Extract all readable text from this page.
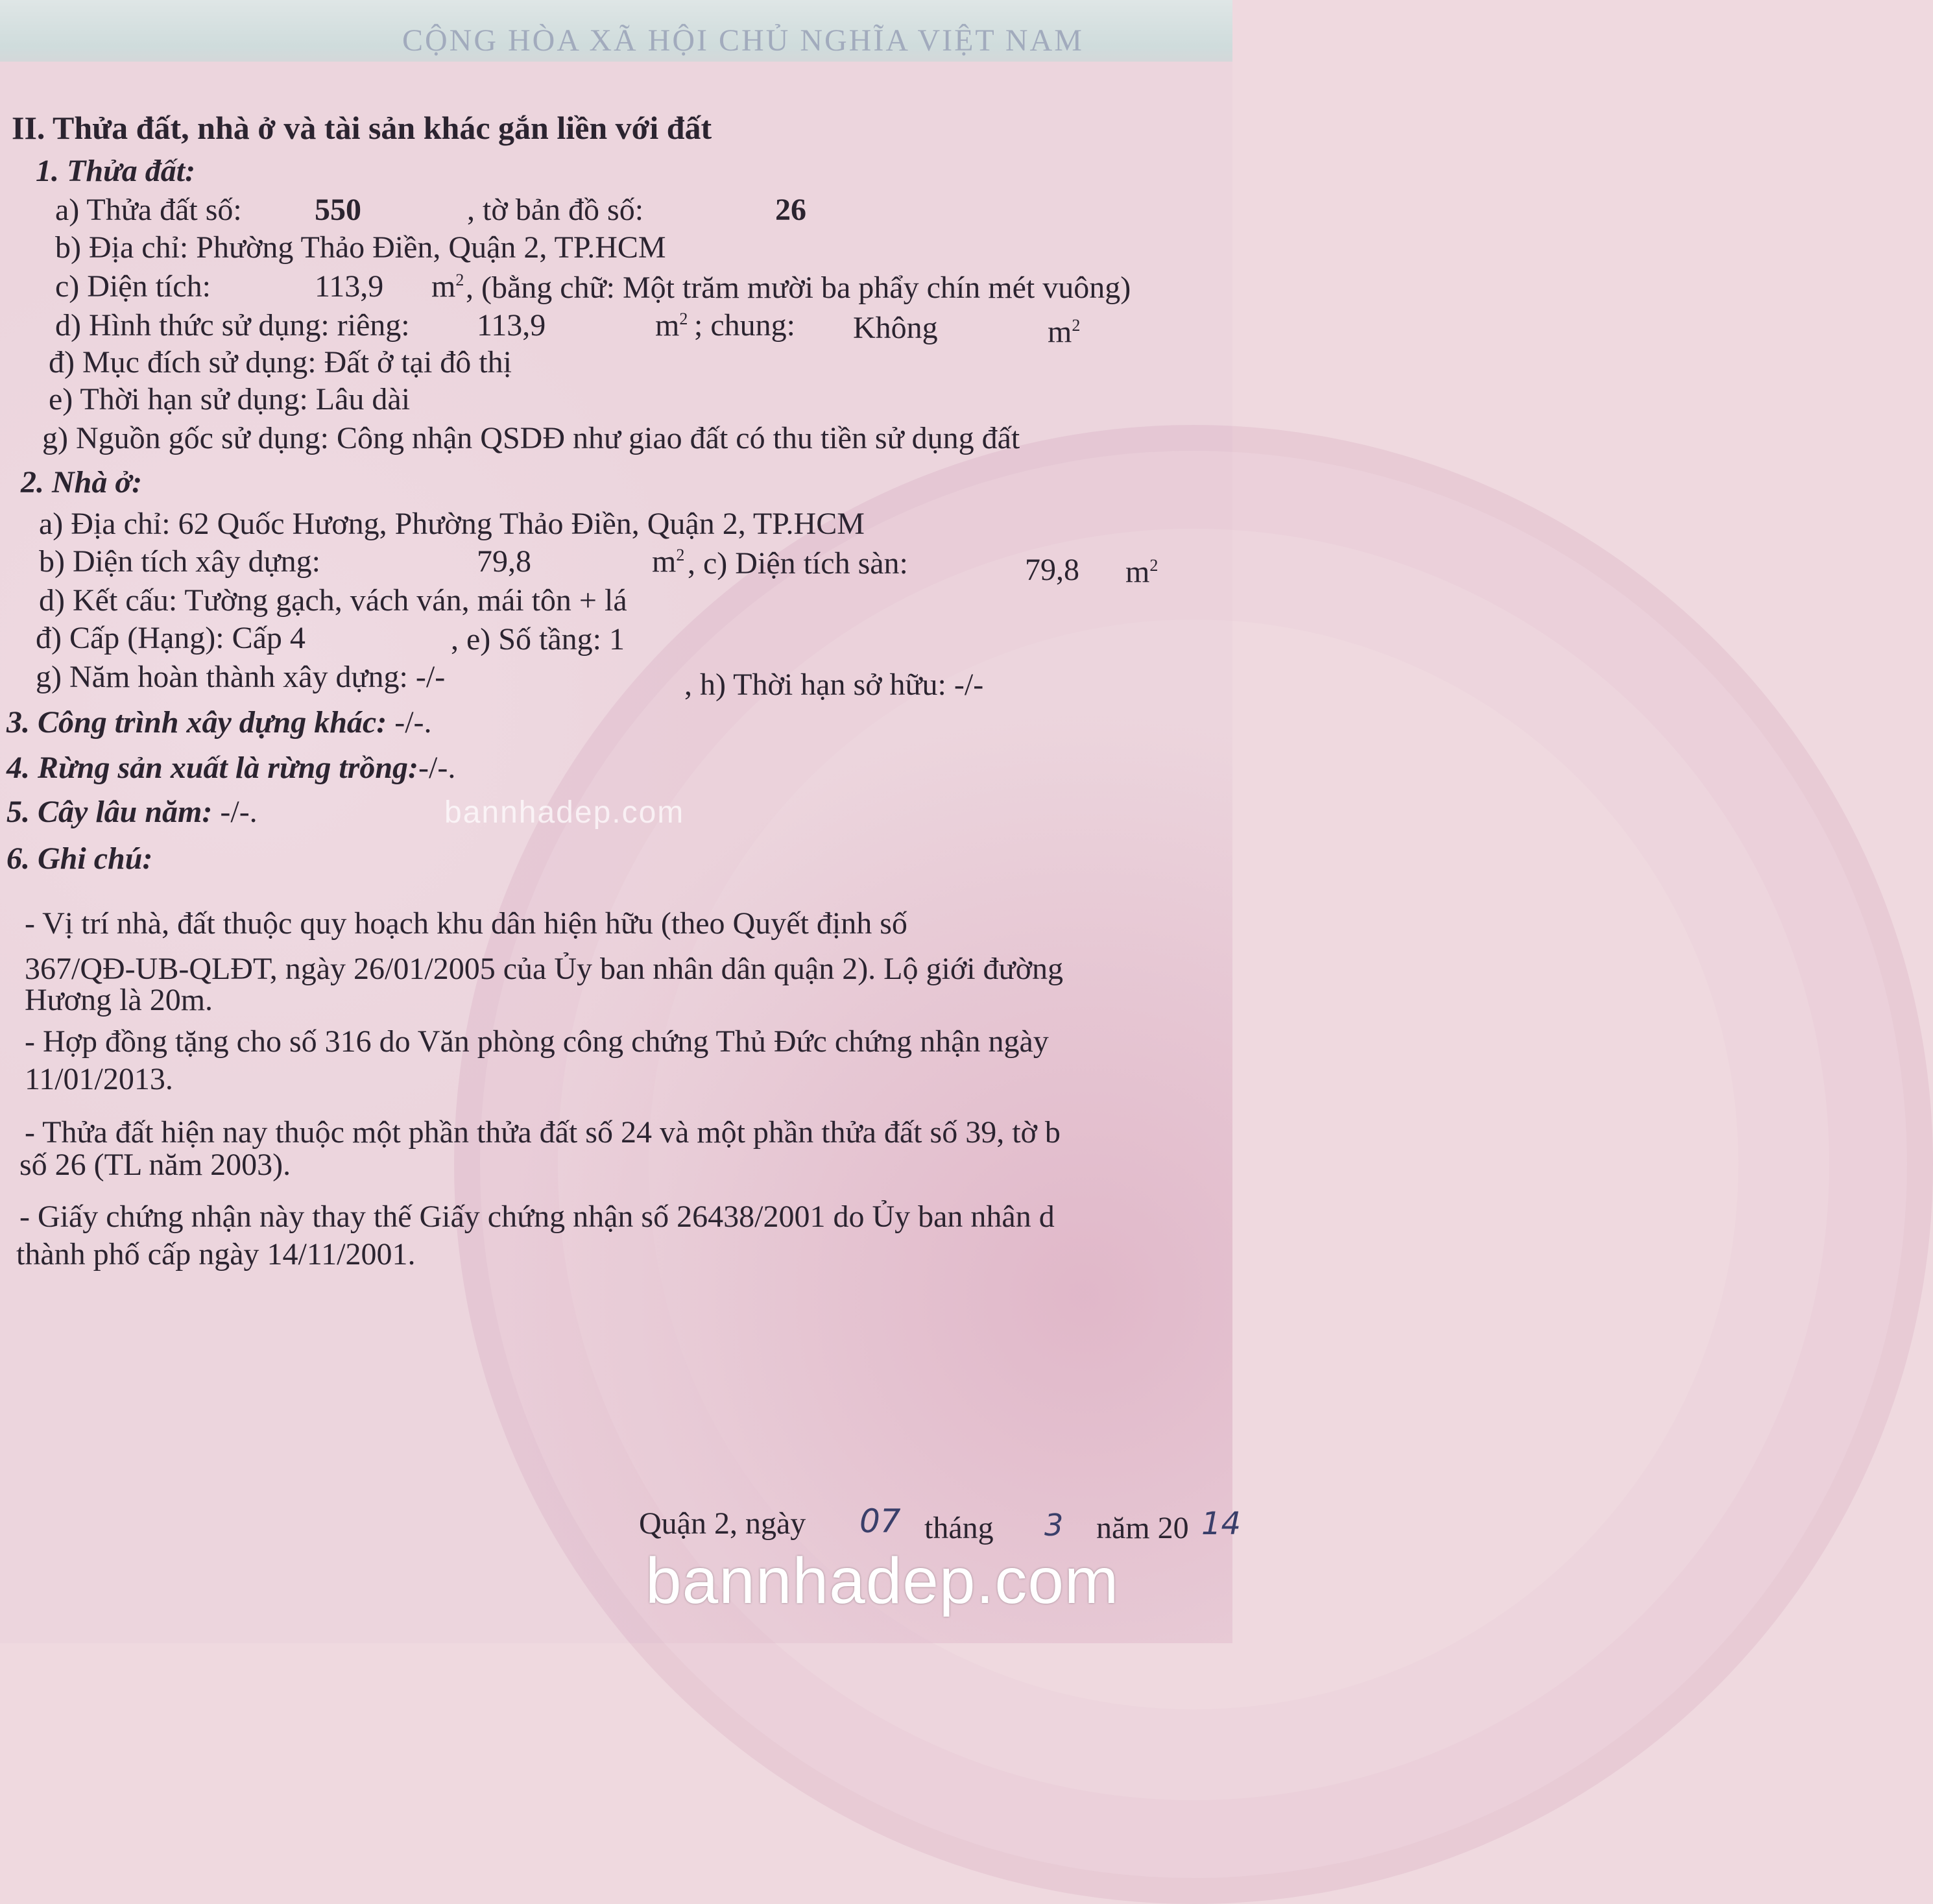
CỘNG HÒA XÃ HỘI CHỦ NGHĨA VIỆT NAM
II. Thửa đất, nhà ở và tài sản khác gắn liền với đất
1. Thửa đất:
a) Thửa đất số: 550	, tờ bản đồ số:	26
b) Địa chỉ: Phường Thảo Điền, Quận 2, TP.HCM
c) Diện tích:	113,9 $m^2$ , (bằng chữ: Một trăm mười ba phẩy chín mét vuông)
d) Hình thức sử dụng: riêng: 113,9	$m^2$ ; chung: Không	$m^2$
đ) Mục đích sử dụng: Đất ở tại đô thị
e) Thời hạn sử dụng: Lâu dài
g) Nguồn gốc sử dụng: Công nhận QSDĐ như giao đất có thu tiền sử dụng đất
2. Nhà ở:
a) Địa chỉ: 62 Quốc Hương, Phường Thảo Điền, Quận 2, TP.HCM
b) Diện tích xây dựng:	79,8	$m^2$ , c) Diện tích sàn:	79,8 $m^2$
d) Kết cấu: Tường gạch, vách ván, mái tôn + lá
đ) Cấp (Hạng): Cấp 4	, e) Số tầng: 1
g) Năm hoàn thành xây dựng: -/-	, h) Thời hạn sở hữu: -/-
3. Công trình xây dựng khác: -/-.
4. Rừng sản xuất là rừng trồng:-/-.
5. Cây lâu năm: -/-.
6. Ghi chú:
- Vị trí nhà, đất thuộc quy hoạch khu dân hiện hữu (theo Quyết định số
367/QĐ-UB-QLĐT, ngày 26/01/2005 của Ủy ban nhân dân quận 2). Lộ giới đường
Hương là 20m.
- Hợp đồng tặng cho số 316 do Văn phòng công chứng Thủ Đức chứng nhận ngày
11/01/2013.
- Thửa đất hiện nay thuộc một phần thửa đất số 24 và một phần thửa đất số 39, tờ b
số 26 (TL năm 2003).
- Giấy chứng nhận này thay thế Giấy chứng nhận số 26438/2001 do Ủy ban nhân d
thành phố cấp ngày 14/11/2001.
Quận 2, ngày 07 tháng 3 năm 20 14
bannhadep.com
bannhadep.com
